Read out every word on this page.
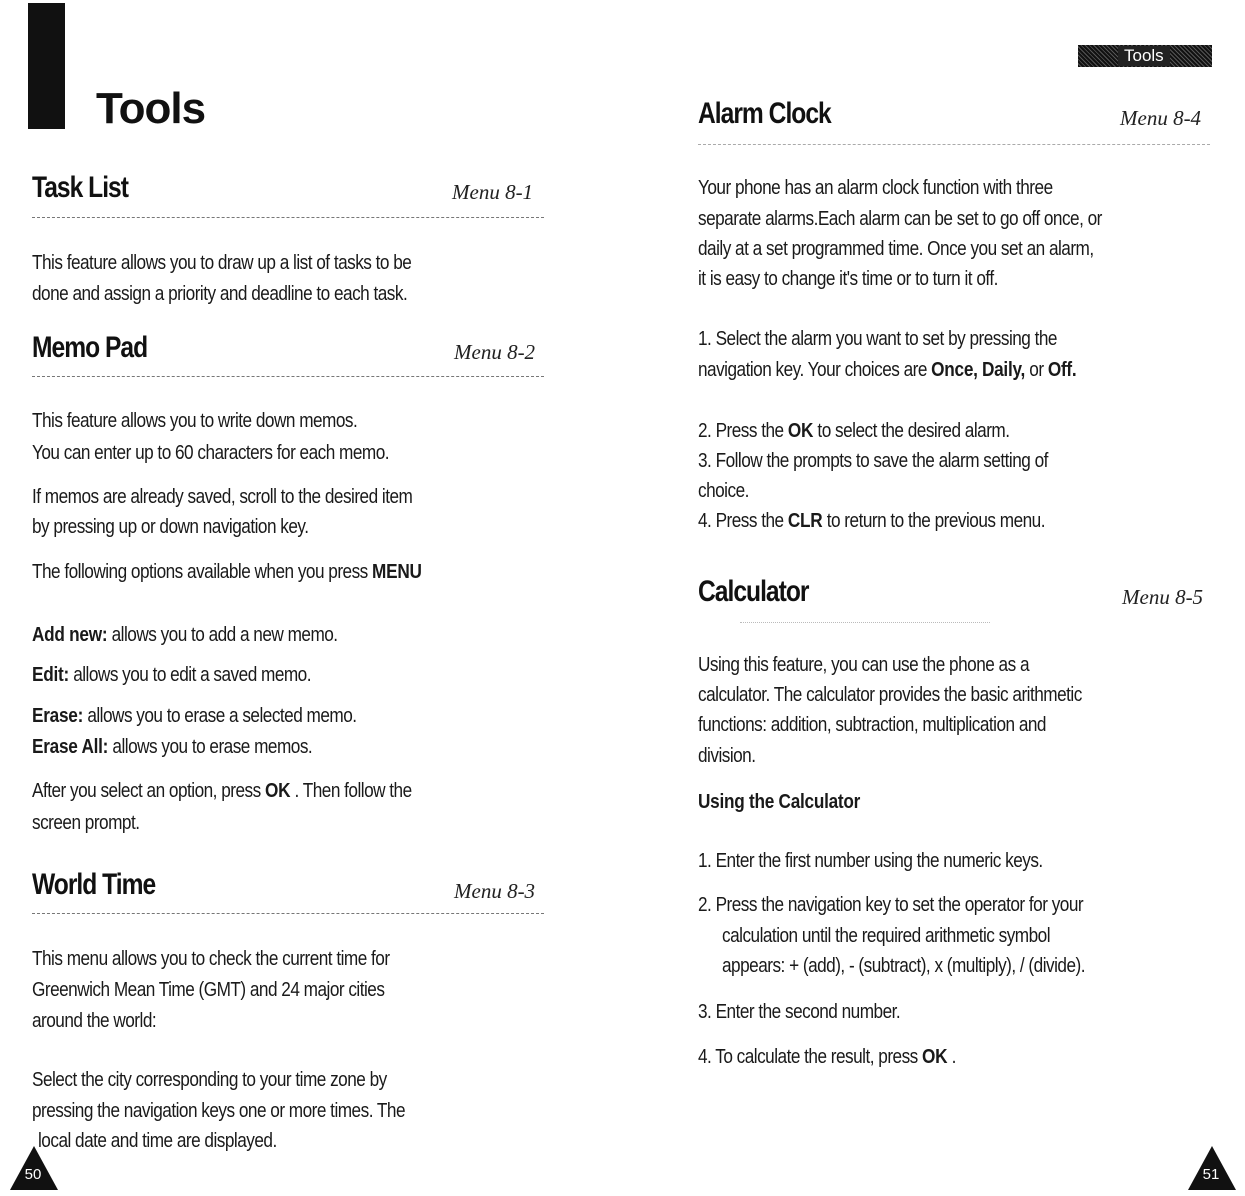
Tools
Tools
Task List	Menu 8-1
This feature allows you to draw up a list of tasks to be
done and assign a priority and deadline to each task.
Memo Pad	Menu 8-2
This feature allows you to write down memos.
You can enter up to 60 characters for each memo.
If memos are already saved, scroll to the desired item
by pressing up or down navigation key.
The following options available when you press MENU
Add new: allows you to add a new memo.
Edit: allows you to edit a saved memo.
Erase: allows you to erase a selected memo.
Erase All: allows you to erase memos.
After you select an option, press OK . Then follow the
screen prompt.
World Time	Menu 8-3
This menu allows you to check the current time for
Greenwich Mean Time (GMT) and 24 major cities
around the world:
Select the city corresponding to your time zone by
pressing the navigation keys one or more times. The
local date and time are displayed.
50
Alarm Clock	Menu 8-4
Your phone has an alarm clock function with three
separate alarms.Each alarm can be set to go off once, or
daily at a set programmed time. Once you set an alarm,
it is easy to change it's time or to turn it off.
1. Select the alarm you want to set by pressing the
navigation key. Your choices are Once, Daily, or Off.
2. Press the OK to select the desired alarm.
3. Follow the prompts to save the alarm setting of
choice.
4. Press the CLR to return to the previous menu.
Calculator	Menu 8-5
Using this feature, you can use the phone as a
calculator. The calculator provides the basic arithmetic
functions: addition, subtraction, multiplication and
division.
Using the Calculator
1. Enter the first number using the numeric keys.
2. Press the navigation key to set the operator for your
calculation until the required arithmetic symbol
appears: + (add), - (subtract), x (multiply), / (divide).
3. Enter the second number.
4. To calculate the result, press OK .
51
